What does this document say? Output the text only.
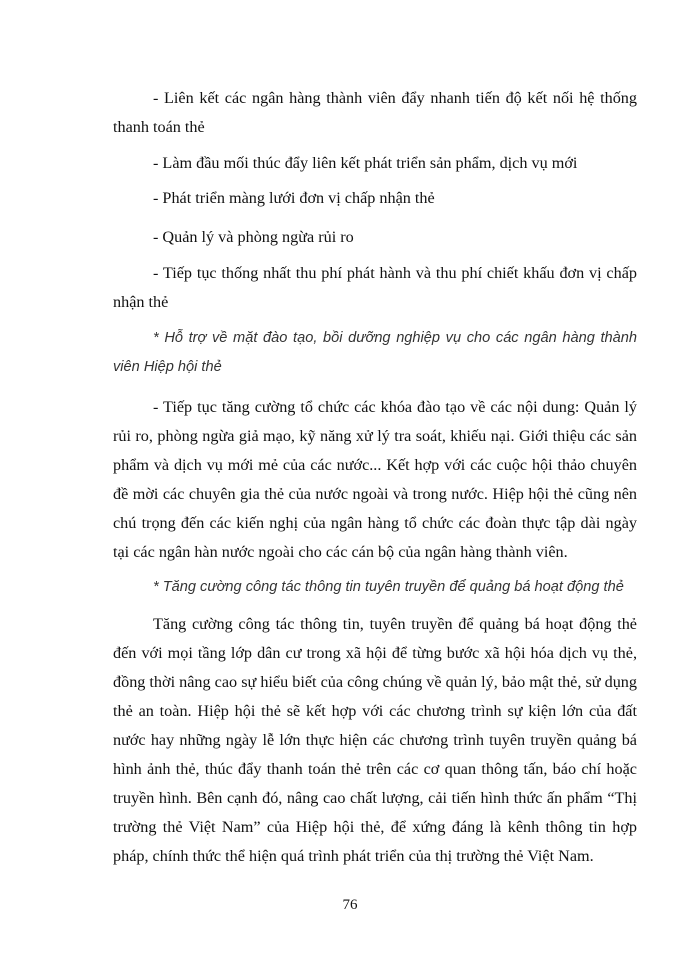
- Liên kết các ngân hàng thành viên đẩy nhanh tiến độ kết nối hệ thống thanh toán thẻ

- Làm đầu mối thúc đẩy liên kết phát triển sản phẩm, dịch vụ mới

- Phát triển màng lưới đơn vị chấp nhận thẻ

- Quản lý và phòng ngừa rủi ro

- Tiếp tục thống nhất thu phí phát hành và thu phí chiết khấu đơn vị chấp nhận thẻ

* Hỗ trợ về mặt đào tạo, bồi dưỡng nghiệp vụ cho các ngân hàng thành viên Hiệp hội thẻ

- Tiếp tục tăng cường tổ chức các khóa đào tạo về các nội dung: Quản lý rủi ro, phòng ngừa giả mạo, kỹ năng xử lý tra soát, khiếu nại. Giới thiệu các sản phẩm và dịch vụ mới mẻ của các nước... Kết hợp với các cuộc hội thảo chuyên đề mời các chuyên gia thẻ của nước ngoài và trong nước. Hiệp hội thẻ cũng nên chú trọng đến các kiến nghị của ngân hàng tổ chức các đoàn thực tập dài ngày tại các ngân hàn nước ngoài cho các cán bộ của ngân hàng thành viên.

* Tăng cường công tác thông tin tuyên truyền để quảng bá hoạt động thẻ

Tăng cường công tác thông tin, tuyên truyền để quảng bá hoạt động thẻ đến với mọi tầng lớp dân cư trong xã hội để từng bước xã hội hóa dịch vụ thẻ, đồng thời nâng cao sự hiểu biết của công chúng về quản lý, bảo mật thẻ, sử dụng thẻ an toàn. Hiệp hội thẻ sẽ kết hợp với các chương trình sự kiện lớn của đất nước hay những ngày lễ lớn thực hiện các chương trình tuyên truyền quảng bá hình ảnh thẻ, thúc đẩy thanh toán thẻ trên các cơ quan thông tấn, báo chí hoặc truyền hình. Bên cạnh đó, nâng cao chất lượng, cải tiến hình thức ấn phẩm “Thị trường thẻ Việt Nam” của Hiệp hội thẻ, để xứng đáng là kênh thông tin hợp pháp, chính thức thể hiện quá trình phát triển của thị trường thẻ Việt Nam.

76
